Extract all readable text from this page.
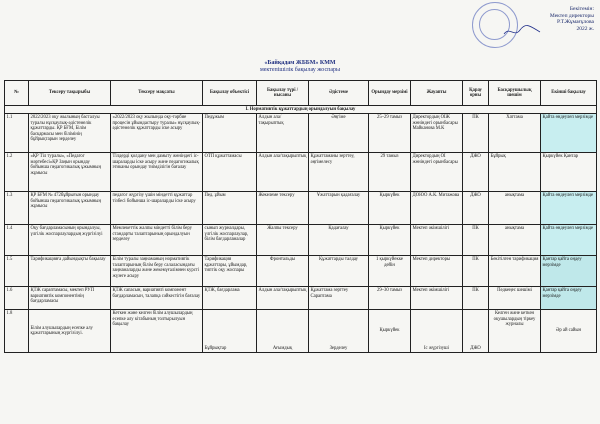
Бекітемін:
Мектеп директоры
Р.Т.Жұмағұлова
2022 ж.
«Байқадам ЖББМ» КММ
мектепішілік бақылау жоспары
№	Тексеру тақырыбы	Тексеру мақсаты	Бақылау объектісі	Бақылау түрі / нысаны	Әдістеме	Орындау мерзімі	Жауапты	Қарау орны	Басқарушылық шешім	Екінші бақылау
I. Нормативтік құжаттардың орындалуын бақылау										
1.1	2022/2023 оқу жылының басталуы туралы нұсқаулық-әдістемелік құжаттарды. ҚР БҒМ, Білім басқармасы мен білімінің бұйрықтарын зерделеу	«2022/2023 оқу жылында оқу-тәрбие процесін ұйымдастыру туралы» нұсқаулық-әдістемелік құжаттарды іске асыру	Педұжым	Алдын ала/ тақырыптық	Әңгіме	25–29 тамыз	Директордың ОІЖ жөніндегі орынбасары Майканова М.К	ПК	Хаттама	Қайта өндеулеп мерзімде
1.2	«ҚР Тіл туралы», «Педагог мәртебесі»ҚР Заңын орындау бойынша педагогикалық ұжымның жұмысы	Тілдерді қолдану мен дамыту жөніндегі іс-шараларды іске асыру және педагогикалық этиканы орындау тиімділігін бағалау	ОТП құжаттамасы	Алдын ала/тақырыптық	Құжаттаманы зерттеу, әңгімелесу	29 тамыз	Директордың ОІ жөніндегі орынбасары	ДЖО	Бұйрық	Қыркүйек Қантар
1.3	ҚР БҒМ № 472бұйрығын орындау бойынша педагогикалық ұжымның жұмысы	педагог жүргізу үшін міндетті құжаттар тізбесі бойынша іс-шараларды іске асыру	Пед. ұйым	Жекелеме тексеру	Ұжаттарын қадағалау	Қыркүйек	ДОЮО А.К. Митажова	ДЖО	анықтама	Қайта өндеулеп мерзімде
1.4	Оқу бағдарламасының орындалуы, үлгілік жоспарлаулардың жүргізілуі	Мемлекеттік жалпы міндетті білім беру стандарты талаптарының орындалуын зерделеу	сынып журналдары, үлгілік жоспарлаулар, білім бағдарламалар	Жалпы тексеру	Қадағалау	Қыркүйек	Мектеп әкімшілігі	ПК	анықтама	Қайта өндеулеп мерзімде
1.5	Тарификацияға дайындықты бақылау	Білім туралы заңнаманың нормативтік талаптарының білім беру салаласындағы заңнамаларды және жекемүғалімнен курсті жүзеге асыру	Тарификация құжаттары, ұйымдар, типтік оқу жоспары	Фронтальды	Құжаттарды талдау	1 қыркүйекке дейін	Мектеп директоры	ПК	Бекітілген тарификация	Қантар қайта оңдеу мерзімде
1.6	ҚТЖ сараптамасы, мектеп РУП вариативтік компонентінің бағдарламасы	ҚТЖ сапасын, вариативті компонент бағдарламасын, талапқа сәйкестігін бағалау	ҚТЖ, бағдарлама	Алдын ала/тақырыптық	Құжаттама зерттеу Сараптама	29–30 тамыз	Мектеп әкімшілігі	ПК	Педкеңес шешімі	Қантар қайта оңдеу мерзімде
1.8	Білім алушылардың есепке алу құжаттарының жүргізілуі.	Кеткен және келген білім алушылардың есепке алу кітабының толтырылуын бақылау	Бұйрықтар	Ағымдық	Зерделеу	Қыркүйек	Іс жүргізуші	ДЖО	Келген және кеткен оқушылардың тіркеу журналы	Әр ай сайын
